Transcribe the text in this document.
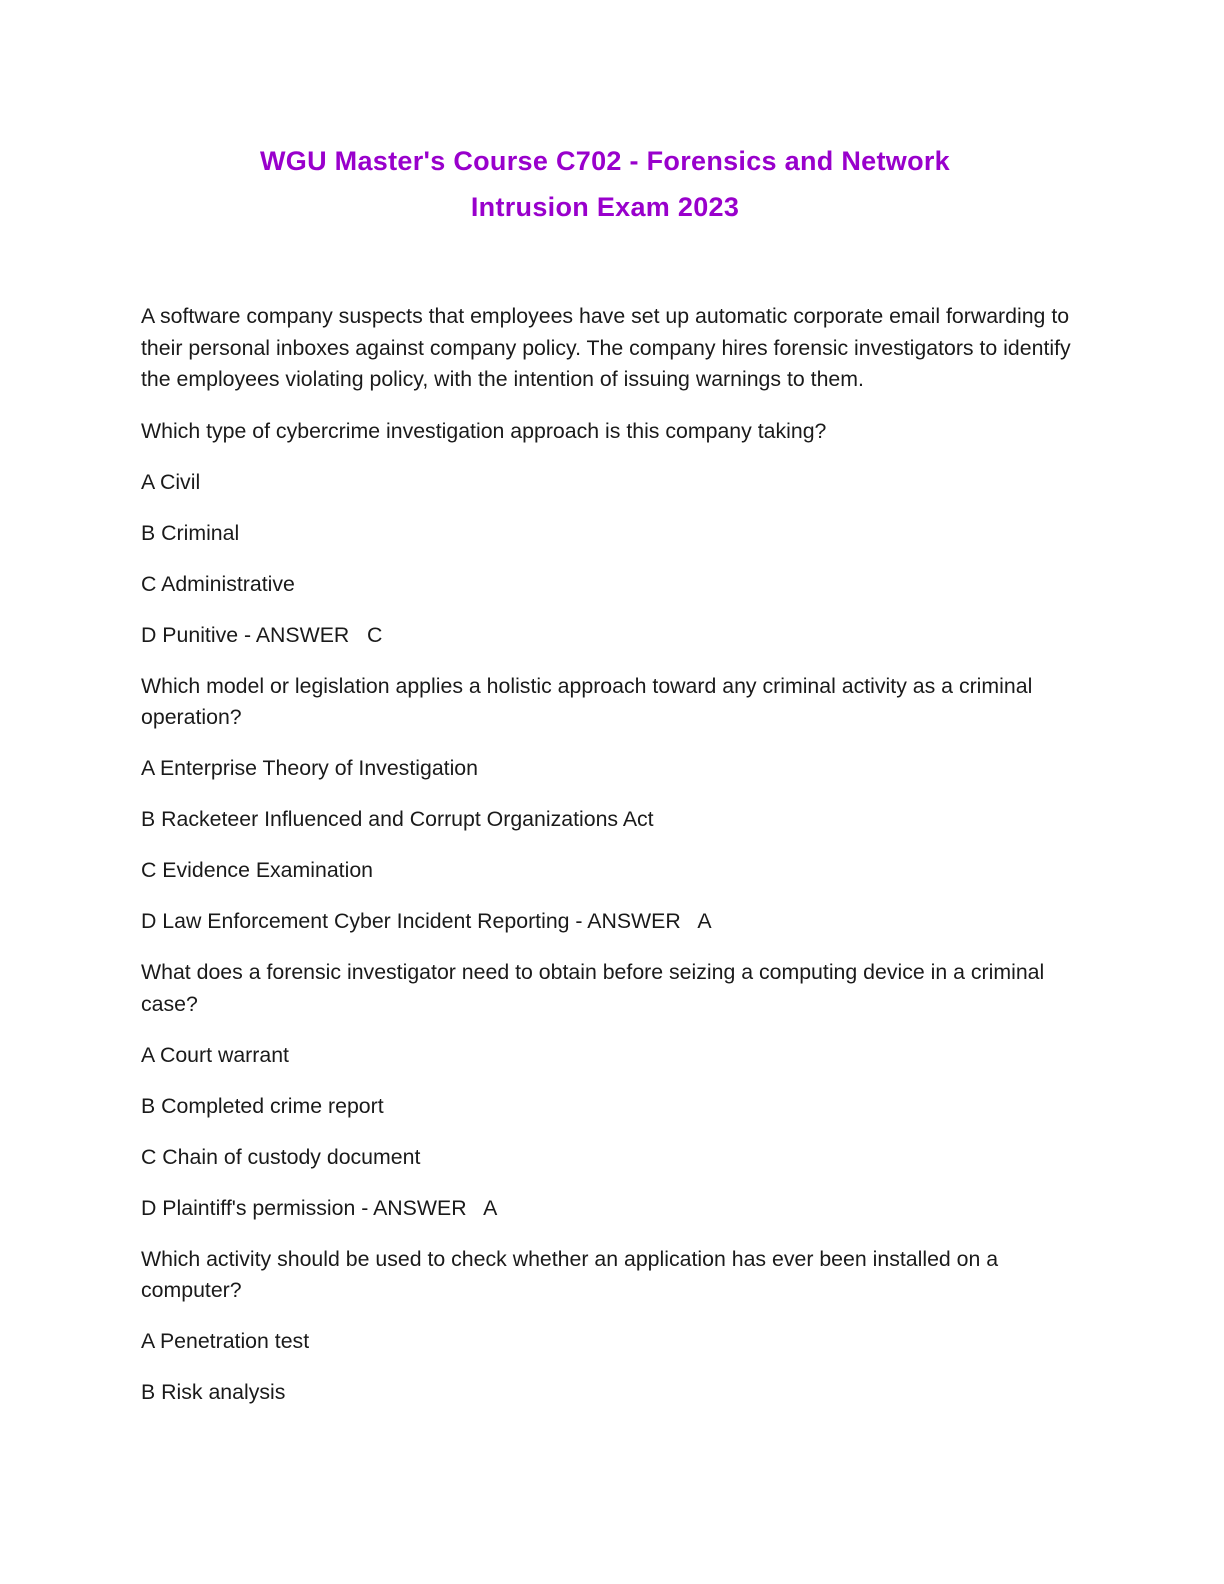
WGU Master's Course C702 - Forensics and Network
Intrusion Exam 2023

A software company suspects that employees have set up automatic corporate email forwarding to their personal inboxes against company policy. The company hires forensic investigators to identify the employees violating policy, with the intention of issuing warnings to them.

Which type of cybercrime investigation approach is this company taking?

A Civil

B Criminal

C Administrative

D Punitive - ANSWER   C

Which model or legislation applies a holistic approach toward any criminal activity as a criminal operation?

A Enterprise Theory of Investigation

B Racketeer Influenced and Corrupt Organizations Act

C Evidence Examination

D Law Enforcement Cyber Incident Reporting - ANSWER   A

What does a forensic investigator need to obtain before seizing a computing device in a criminal case?

A Court warrant

B Completed crime report

C Chain of custody document

D Plaintiff's permission - ANSWER   A

Which activity should be used to check whether an application has ever been installed on a computer?

A Penetration test

B Risk analysis
